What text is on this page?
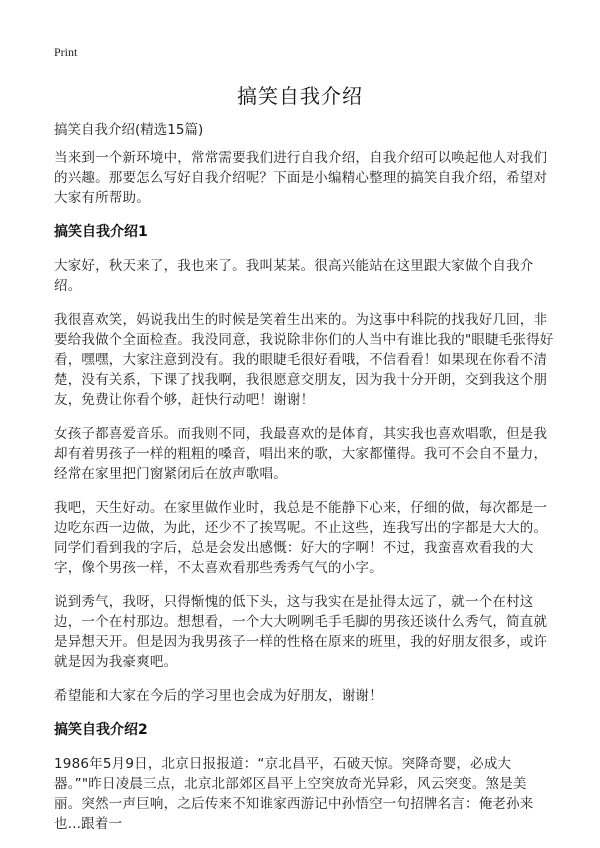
Print
搞笑自我介绍
搞笑自我介绍(精选15篇)

当来到一个新环境中，常常需要我们进行自我介绍，自我介绍可以唤起他人对我们的兴趣。那要怎么写好自我介绍呢？下面是小编精心整理的搞笑自我介绍，希望对大家有所帮助。

搞笑自我介绍1

大家好，秋天来了，我也来了。我叫某某。很高兴能站在这里跟大家做个自我介绍。

我很喜欢笑，妈说我出生的时候是笑着生出来的。为这事中科院的找我好几回，非要给我做个全面检查。我没同意，我说除非你们的人当中有谁比我的"眼睫毛张得好看，嘿嘿，大家注意到没有。我的眼睫毛很好看哦，不信看看！如果现在你看不清楚，没有关系，下课了找我啊，我很愿意交朋友，因为我十分开朗，交到我这个朋友，免费让你看个够，赶快行动吧！谢谢！

女孩子都喜爱音乐。而我则不同，我最喜欢的是体育，其实我也喜欢唱歌，但是我却有着男孩子一样的粗粗的嗓音，唱出来的歌，大家都懂得。我可不会自不量力，经常在家里把门窗紧闭后在放声歌唱。

我吧，天生好动。在家里做作业时，我总是不能静下心来，仔细的做，每次都是一边吃东西一边做，为此，还少不了挨骂呢。不止这些，连我写出的字都是大大的。同学们看到我的字后，总是会发出感慨：好大的字啊！不过，我蛮喜欢看我的大字，像个男孩一样，不太喜欢看那些秀秀气气的小字。

说到秀气，我呀，只得惭愧的低下头，这与我实在是扯得太远了，就一个在村这边，一个在村那边。想想看，一个大大咧咧毛手毛脚的男孩还谈什么秀气，简直就是异想天开。但是因为我男孩子一样的性格在原来的班里，我的好朋友很多，或许就是因为我豪爽吧。

希望能和大家在今后的学习里也会成为好朋友，谢谢！

搞笑自我介绍2

1986年5月9日，北京日报报道：“京北昌平，石破天惊。突降奇婴，必成大器。”"昨日凌晨三点，北京北部郊区昌平上空突放奇光异彩，风云突变。煞是美丽。突然一声巨响，之后传来不知谁家西游记中孙悟空一句招牌名言：俺老孙来也...跟着一
